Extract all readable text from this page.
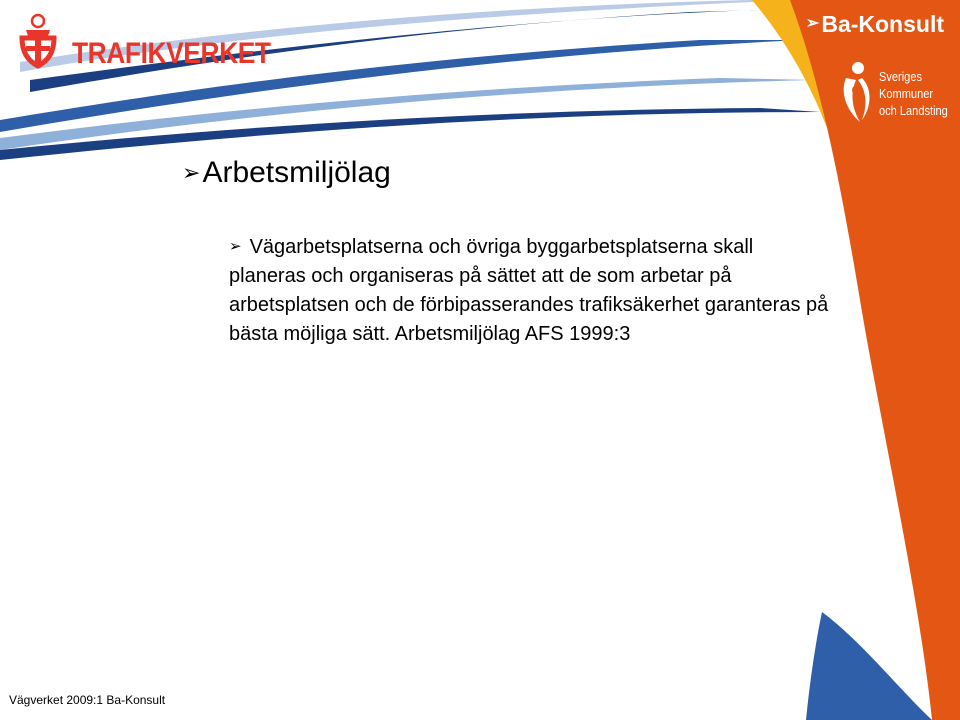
TRAFIKVERKET
➢ Ba-Konsult
Sveriges
Kommuner
och Landsting
➢ Arbetsmiljölag
➢ Vägarbetsplatserna och övriga byggarbetsplatserna skall planeras och organiseras på sättet att de som arbetar på arbetsplatsen och de förbipasserandes trafiksäkerhet garanteras på bästa möjliga sätt. Arbetsmiljölag AFS 1999:3
Vägverket 2009:1 Ba-Konsult
